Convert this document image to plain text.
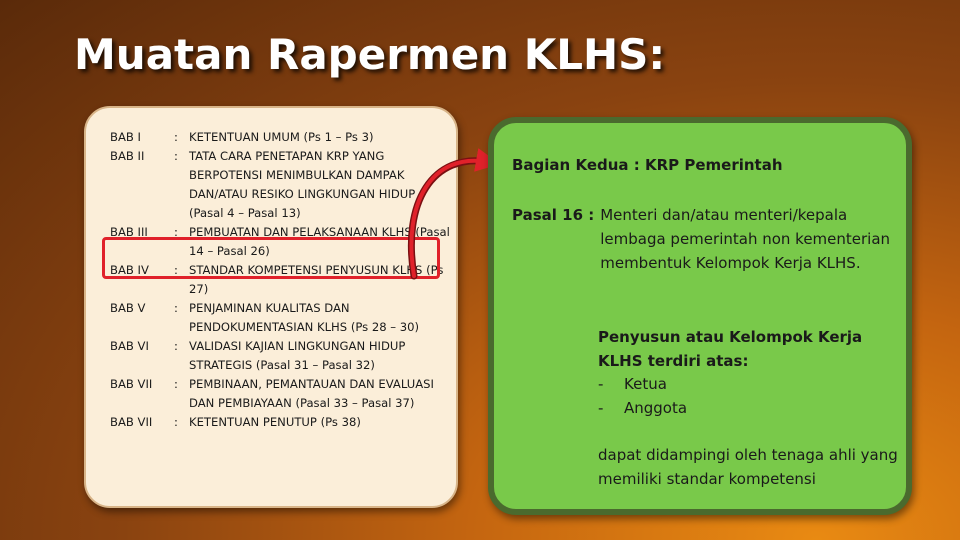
Muatan Rapermen KLHS:
BAB I	: KETENTUAN UMUM (Ps 1 – Ps 3)
BAB II	: TATA CARA PENETAPAN KRP YANG BERPOTENSI MENIMBULKAN DAMPAK DAN/ATAU RESIKO LINGKUNGAN HIDUP (Pasal 4 – Pasal 13)
BAB III	: PEMBUATAN DAN PELAKSANAAN KLHS (Pasal 14 – Pasal 26)
BAB IV	: STANDAR KOMPETENSI PENYUSUN KLHS (Ps 27)
BAB V	: PENJAMINAN KUALITAS DAN PENDOKUMENTASIAN KLHS (Ps 28 – 30)
BAB VI	: VALIDASI KAJIAN LINGKUNGAN HIDUP STRATEGIS (Pasal 31 – Pasal 32)
BAB VII	: PEMBINAAN, PEMANTAUAN DAN EVALUASI DAN PEMBIAYAAN (Pasal 33 – Pasal 37)
BAB VII	: KETENTUAN PENUTUP (Ps 38)

Bagian Kedua : KRP Pemerintah

Pasal 16 : Menteri dan/atau menteri/kepala lembaga pemerintah non kementerian membentuk Kelompok Kerja KLHS.

Penyusun atau Kelompok Kerja KLHS terdiri atas:

-	Ketua
-	Anggota

dapat didampingi oleh tenaga ahli yang memiliki standar kompetensi
